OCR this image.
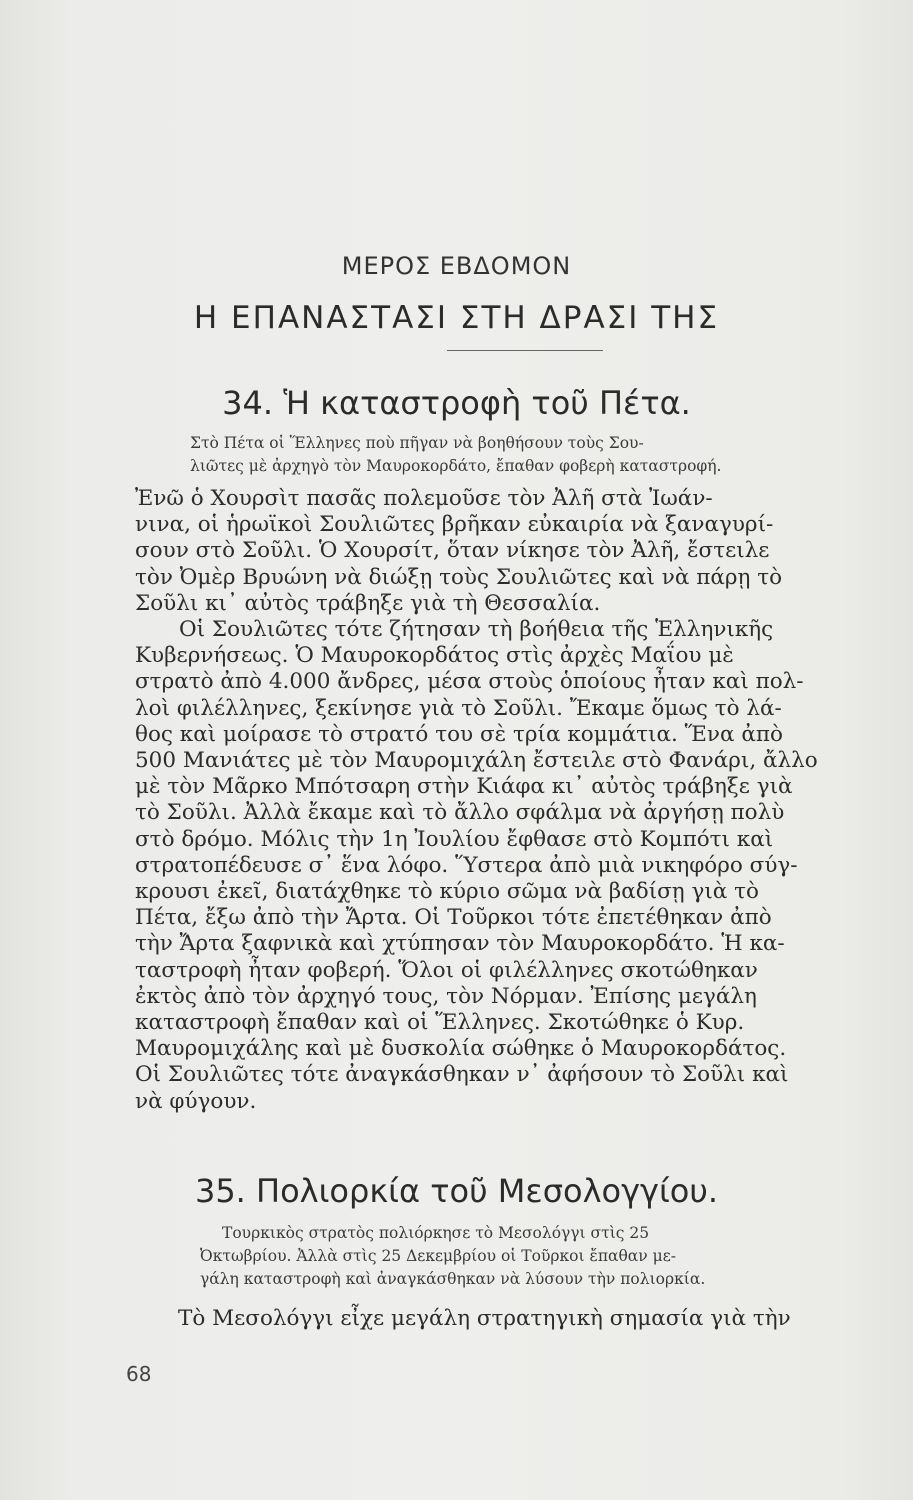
ΜΕΡΟΣ ΕΒΔΟΜΟΝ
Η ΕΠΑΝΑΣΤΑΣΙ ΣΤΗ ΔΡΑΣΙ ΤΗΣ
34. Ἡ καταστροφὴ τοῦ Πέτα.

Στὸ Πέτα οἱ Ἕλληνες ποὺ πῆγαν νὰ βοηθήσουν τοὺς Σου-
λιῶτες μὲ ἀρχηγὸ τὸν Μαυροκορδάτο, ἔπαθαν φοβερὴ καταστροφή.

Ἐνῶ ὁ Χουρσὶτ πασᾶς πολεμοῦσε τὸν Ἀλῆ στὰ Ἰωάν-
νινα, οἱ ἡρωϊκοὶ Σουλιῶτες βρῆκαν εὐκαιρία νὰ ξαναγυρί-
σουν στὸ Σοῦλι. Ὁ Χουρσίτ, ὅταν νίκησε τὸν Ἀλῆ, ἔστειλε
τὸν Ὀμὲρ Βρυώνη νὰ διώξῃ τοὺς Σουλιῶτες καὶ νὰ πάρῃ τὸ
Σοῦλι κι᾽ αὐτὸς τράβηξε γιὰ τὴ Θεσσαλία.
Οἱ Σουλιῶτες τότε ζήτησαν τὴ βοήθεια τῆς Ἑλληνικῆς
Κυβερνήσεως. Ὁ Μαυροκορδάτος στὶς ἀρχὲς Μαΐου μὲ
στρατὸ ἀπὸ 4.000 ἄνδρες, μέσα στοὺς ὁποίους ἦταν καὶ πολ-
λοὶ φιλέλληνες, ξεκίνησε γιὰ τὸ Σοῦλι. Ἔκαμε ὅμως τὸ λά-
θος καὶ μοίρασε τὸ στρατό του σὲ τρία κομμάτια. Ἕνα ἀπὸ
500 Μανιάτες μὲ τὸν Μαυρομιχάλη ἔστειλε στὸ Φανάρι, ἄλλο
μὲ τὸν Μᾶρκο Μπότσαρη στὴν Κιάφα κι᾽ αὐτὸς τράβηξε γιὰ
τὸ Σοῦλι. Ἀλλὰ ἔκαμε καὶ τὸ ἄλλο σφάλμα νὰ ἀργήσῃ πολὺ
στὸ δρόμο. Μόλις τὴν 1η Ἰουλίου ἔφθασε στὸ Κομπότι καὶ
στρατοπέδευσε σ᾽ ἕνα λόφο. Ὕστερα ἀπὸ μιὰ νικηφόρο σύγ-
κρουσι ἐκεῖ, διατάχθηκε τὸ κύριο σῶμα νὰ βαδίσῃ γιὰ τὸ
Πέτα, ἔξω ἀπὸ τὴν Ἄρτα. Οἱ Τοῦρκοι τότε ἐπετέθηκαν ἀπὸ
τὴν Ἄρτα ξαφνικὰ καὶ χτύπησαν τὸν Μαυροκορδάτο. Ἡ κα-
ταστροφὴ ἦταν φοβερή. Ὅλοι οἱ φιλέλληνες σκοτώθηκαν
ἐκτὸς ἀπὸ τὸν ἀρχηγό τους, τὸν Νόρμαν. Ἐπίσης μεγάλη
καταστροφὴ ἔπαθαν καὶ οἱ Ἕλληνες. Σκοτώθηκε ὁ Κυρ.
Μαυρομιχάλης καὶ μὲ δυσκολία σώθηκε ὁ Μαυροκορδάτος.
Οἱ Σουλιῶτες τότε ἀναγκάσθηκαν ν᾽ ἀφήσουν τὸ Σοῦλι καὶ
νὰ φύγουν.
35. Πολιορκία τοῦ Μεσολογγίου.

Τουρκικὸς στρατὸς πολιόρκησε τὸ Μεσολόγγι στὶς 25
Ὀκτωβρίου. Ἀλλὰ στὶς 25 Δεκεμβρίου οἱ Τοῦρκοι ἔπαθαν με-
γάλη καταστροφὴ καὶ ἀναγκάσθηκαν νὰ λύσουν τὴν πολιορκία.

Τὸ Μεσολόγγι εἶχε μεγάλη στρατηγικὴ σημασία γιὰ τὴν
68
